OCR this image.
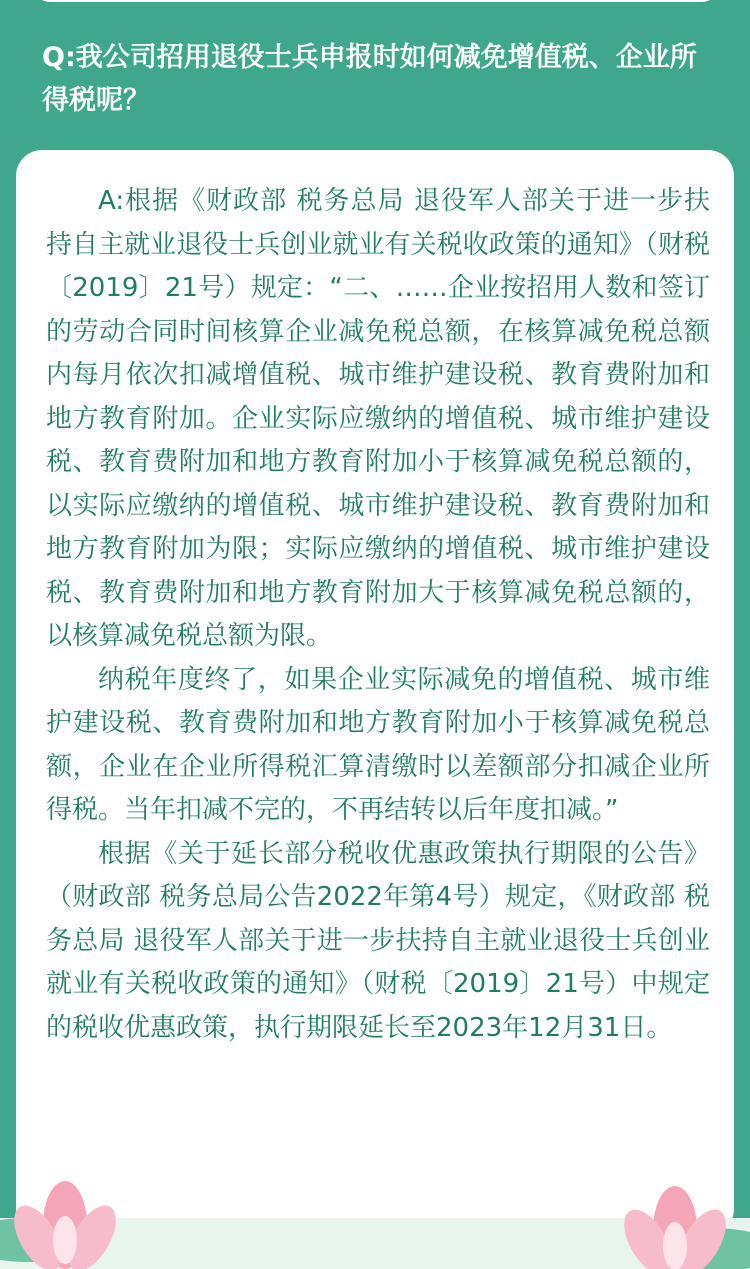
Q:我公司招用退役士兵申报时如何减免增值税、企业所得税呢？

A:根据《财政部 税务总局 退役军人部关于进一步扶持自主就业退役士兵创业就业有关税收政策的通知》（财税〔2019〕21号）规定：“二、……企业按招用人数和签订的劳动合同时间核算企业减免税总额，在核算减免税总额内每月依次扣减增值税、城市维护建设税、教育费附加和地方教育附加。企业实际应缴纳的增值税、城市维护建设税、教育费附加和地方教育附加小于核算减免税总额的，以实际应缴纳的增值税、城市维护建设税、教育费附加和地方教育附加为限；实际应缴纳的增值税、城市维护建设税、教育费附加和地方教育附加大于核算减免税总额的，以核算减免税总额为限。

纳税年度终了，如果企业实际减免的增值税、城市维护建设税、教育费附加和地方教育附加小于核算减免税总额，企业在企业所得税汇算清缴时以差额部分扣减企业所得税。当年扣减不完的，不再结转以后年度扣减。”

根据《关于延长部分税收优惠政策执行期限的公告》（财政部 税务总局公告2022年第4号）规定，《财政部 税务总局 退役军人部关于进一步扶持自主就业退役士兵创业就业有关税收政策的通知》（财税〔2019〕21号）中规定的税收优惠政策，执行期限延长至2023年12月31日。
